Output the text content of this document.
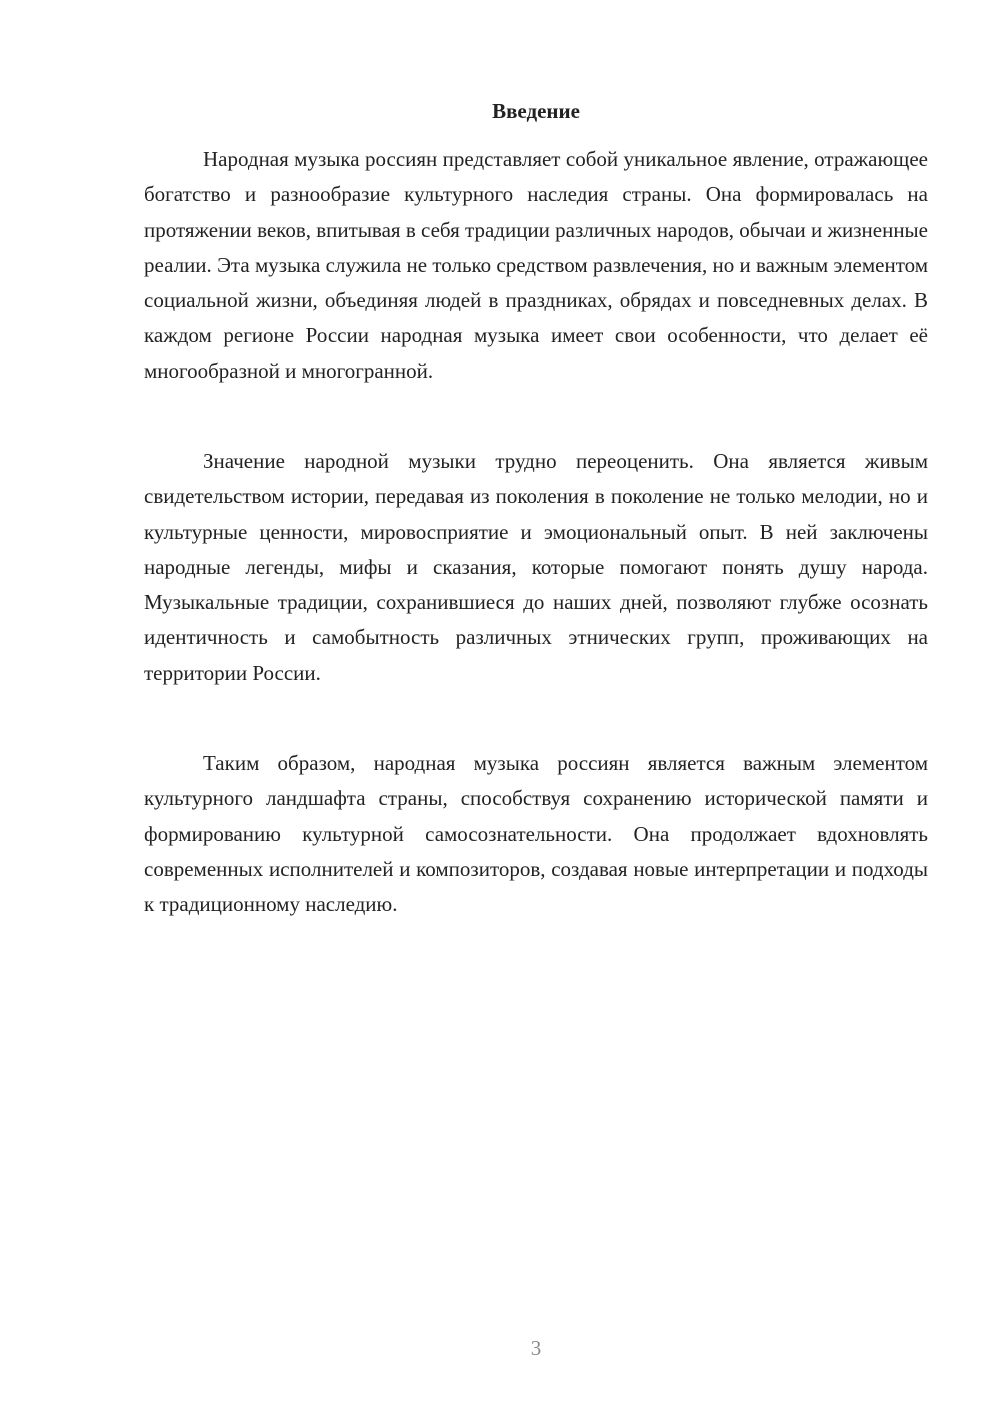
Введение

Народная музыка россиян представляет собой уникальное явление, отражающее богатство и разнообразие культурного наследия страны. Она формировалась на протяжении веков, впитывая в себя традиции различных народов, обычаи и жизненные реалии. Эта музыка служила не только средством развлечения, но и важным элементом социальной жизни, объединяя людей в праздниках, обрядах и повседневных делах. В каждом регионе России народная музыка имеет свои особенности, что делает её многообразной и многогранной.

Значение народной музыки трудно переоценить. Она является живым свидетельством истории, передавая из поколения в поколение не только мелодии, но и культурные ценности, мировосприятие и эмоциональный опыт. В ней заключены народные легенды, мифы и сказания, которые помогают понять душу народа. Музыкальные традиции, сохранившиеся до наших дней, позволяют глубже осознать идентичность и самобытность различных этнических групп, проживающих на территории России.

Таким образом, народная музыка россиян является важным элементом культурного ландшафта страны, способствуя сохранению исторической памяти и формированию культурной самосознательности. Она продолжает вдохновлять современных исполнителей и композиторов, создавая новые интерпретации и подходы к традиционному наследию.

3
